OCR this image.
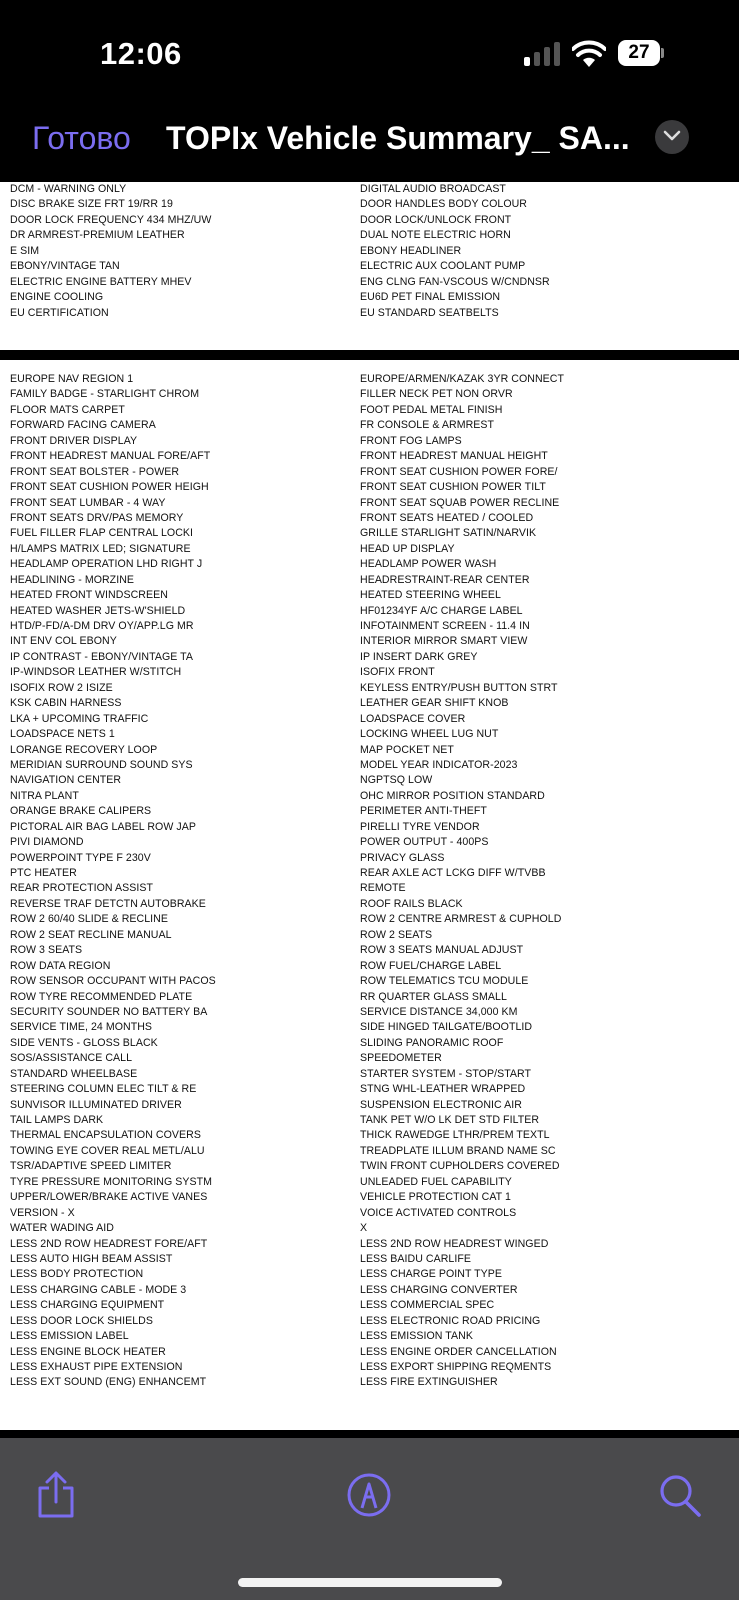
12:06	27
Готово TOPIx Vehicle Summary_ SA...
DCM - WARNING ONLY	DIGITAL AUDIO BROADCAST
DISC BRAKE SIZE FRT 19/RR 19	DOOR HANDLES BODY COLOUR
DOOR LOCK FREQUENCY 434 MHZ/UW	DOOR LOCK/UNLOCK FRONT
DR ARMREST-PREMIUM LEATHER	DUAL NOTE ELECTRIC HORN
E SIM	EBONY HEADLINER
EBONY/VINTAGE TAN	ELECTRIC AUX COOLANT PUMP
ELECTRIC ENGINE BATTERY MHEV	ENG CLNG FAN-VSCOUS W/CNDNSR
ENGINE COOLING	EU6D PET FINAL EMISSION
EU CERTIFICATION	EU STANDARD SEATBELTS
EUROPE NAV REGION 1	EUROPE/ARMEN/KAZAK 3YR CONNECT
FAMILY BADGE - STARLIGHT CHROM	FILLER NECK PET NON ORVR
FLOOR MATS CARPET	FOOT PEDAL METAL FINISH
FORWARD FACING CAMERA	FR CONSOLE & ARMREST
FRONT DRIVER DISPLAY	FRONT FOG LAMPS
FRONT HEADREST MANUAL FORE/AFT	FRONT HEADREST MANUAL HEIGHT
FRONT SEAT BOLSTER - POWER	FRONT SEAT CUSHION POWER FORE/
FRONT SEAT CUSHION POWER HEIGH	FRONT SEAT CUSHION POWER TILT
FRONT SEAT LUMBAR - 4 WAY	FRONT SEAT SQUAB POWER RECLINE
FRONT SEATS DRV/PAS MEMORY	FRONT SEATS HEATED / COOLED
FUEL FILLER FLAP CENTRAL LOCKI	GRILLE STARLIGHT SATIN/NARVIK
H/LAMPS MATRIX LED; SIGNATURE	HEAD UP DISPLAY
HEADLAMP OPERATION LHD RIGHT J	HEADLAMP POWER WASH
HEADLINING - MORZINE	HEADRESTRAINT-REAR CENTER
HEATED FRONT WINDSCREEN	HEATED STEERING WHEEL
HEATED WASHER JETS-W'SHIELD	HF01234YF A/C CHARGE LABEL
HTD/P-FD/A-DM DRV OY/APP.LG MR	INFOTAINMENT SCREEN - 11.4 IN
INT ENV COL EBONY	INTERIOR MIRROR SMART VIEW
IP CONTRAST - EBONY/VINTAGE TA	IP INSERT DARK GREY
IP-WINDSOR LEATHER W/STITCH	ISOFIX FRONT
ISOFIX ROW 2 ISIZE	KEYLESS ENTRY/PUSH BUTTON STRT
KSK CABIN HARNESS	LEATHER GEAR SHIFT KNOB
LKA + UPCOMING TRAFFIC	LOADSPACE COVER
LOADSPACE NETS 1	LOCKING WHEEL LUG NUT
LORANGE RECOVERY LOOP	MAP POCKET NET
MERIDIAN SURROUND SOUND SYS	MODEL YEAR INDICATOR-2023
NAVIGATION CENTER	NGPTSQ LOW
NITRA PLANT	OHC MIRROR POSITION STANDARD
ORANGE BRAKE CALIPERS	PERIMETER ANTI-THEFT
PICTORAL AIR BAG LABEL ROW JAP	PIRELLI TYRE VENDOR
PIVI DIAMOND	POWER OUTPUT - 400PS
POWERPOINT TYPE F 230V	PRIVACY GLASS
PTC HEATER	REAR AXLE ACT LCKG DIFF W/TVBB
REAR PROTECTION ASSIST	REMOTE
REVERSE TRAF DETCTN AUTOBRAKE	ROOF RAILS BLACK
ROW 2 60/40 SLIDE & RECLINE	ROW 2 CENTRE ARMREST & CUPHOLD
ROW 2 SEAT RECLINE MANUAL	ROW 2 SEATS
ROW 3 SEATS	ROW 3 SEATS MANUAL ADJUST
ROW DATA REGION	ROW FUEL/CHARGE LABEL
ROW SENSOR OCCUPANT WITH PACOS	ROW TELEMATICS TCU MODULE
ROW TYRE RECOMMENDED PLATE	RR QUARTER GLASS SMALL
SECURITY SOUNDER NO BATTERY BA	SERVICE DISTANCE 34,000 KM
SERVICE TIME, 24 MONTHS	SIDE HINGED TAILGATE/BOOTLID
SIDE VENTS - GLOSS BLACK	SLIDING PANORAMIC ROOF
SOS/ASSISTANCE CALL	SPEEDOMETER
STANDARD WHEELBASE	STARTER SYSTEM - STOP/START
STEERING COLUMN ELEC TILT & RE	STNG WHL-LEATHER WRAPPED
SUNVISOR ILLUMINATED DRIVER	SUSPENSION ELECTRONIC AIR
TAIL LAMPS DARK	TANK PET W/O LK DET STD FILTER
THERMAL ENCAPSULATION COVERS	THICK RAWEDGE LTHR/PREM TEXTL
TOWING EYE COVER REAL METL/ALU	TREADPLATE ILLUM BRAND NAME SC
TSR/ADAPTIVE SPEED LIMITER	TWIN FRONT CUPHOLDERS COVERED
TYRE PRESSURE MONITORING SYSTM	UNLEADED FUEL CAPABILITY
UPPER/LOWER/BRAKE ACTIVE VANES	VEHICLE PROTECTION CAT 1
VERSION - X	VOICE ACTIVATED CONTROLS
WATER WADING AID	X
LESS 2ND ROW HEADREST FORE/AFT	LESS 2ND ROW HEADREST WINGED
LESS AUTO HIGH BEAM ASSIST	LESS BAIDU CARLIFE
LESS BODY PROTECTION	LESS CHARGE POINT TYPE
LESS CHARGING CABLE - MODE 3	LESS CHARGING CONVERTER
LESS CHARGING EQUIPMENT	LESS COMMERCIAL SPEC
LESS DOOR LOCK SHIELDS	LESS ELECTRONIC ROAD PRICING
LESS EMISSION LABEL	LESS EMISSION TANK
LESS ENGINE BLOCK HEATER	LESS ENGINE ORDER CANCELLATION
LESS EXHAUST PIPE EXTENSION	LESS EXPORT SHIPPING REQMENTS
LESS EXT SOUND (ENG) ENHANCEMT	LESS FIRE EXTINGUISHER
